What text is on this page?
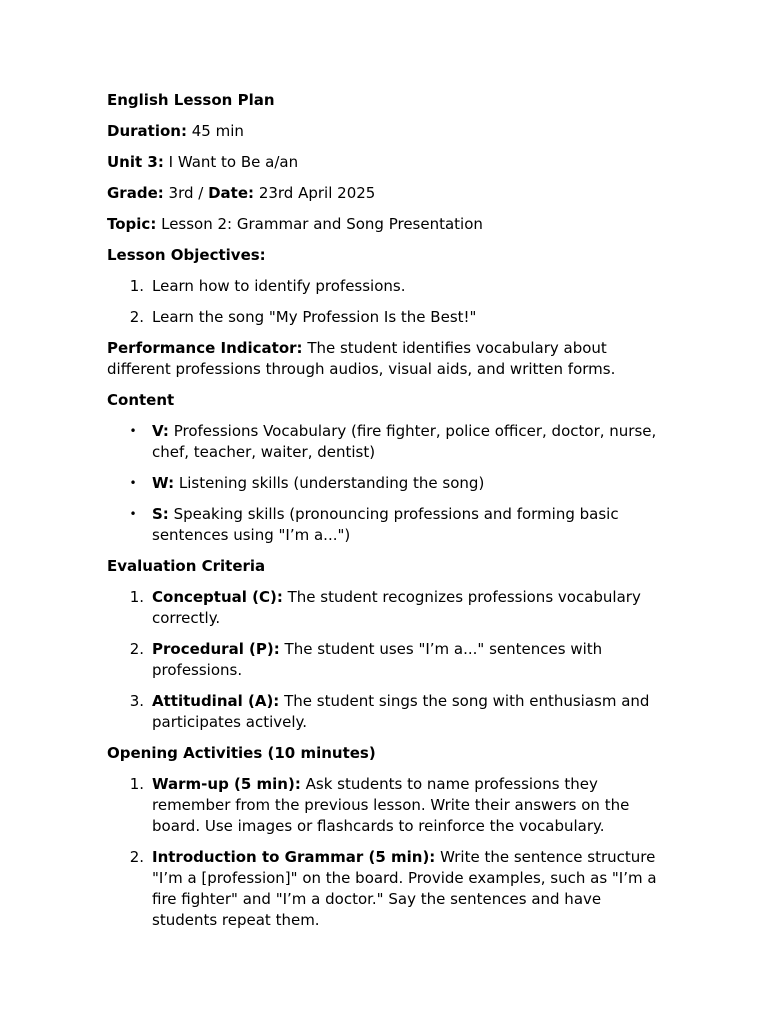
English Lesson Plan

Duration: 45 min

Unit 3: I Want to Be a/an

Grade: 3rd / Date: 23rd April 2025

Topic: Lesson 2: Grammar and Song Presentation

Lesson Objectives:

1. Learn how to identify professions.
2. Learn the song "My Profession Is the Best!"

Performance Indicator: The student identifies vocabulary about different professions through audios, visual aids, and written forms.

Content

• V: Professions Vocabulary (fire fighter, police officer, doctor, nurse, chef, teacher, waiter, dentist)
• W: Listening skills (understanding the song)
• S: Speaking skills (pronouncing professions and forming basic sentences using "I’m a...")

Evaluation Criteria

1. Conceptual (C): The student recognizes professions vocabulary correctly.
2. Procedural (P): The student uses "I’m a..." sentences with professions.
3. Attitudinal (A): The student sings the song with enthusiasm and participates actively.

Opening Activities (10 minutes)

1. Warm-up (5 min): Ask students to name professions they remember from the previous lesson. Write their answers on the board. Use images or flashcards to reinforce the vocabulary.
2. Introduction to Grammar (5 min): Write the sentence structure "I’m a [profession]" on the board. Provide examples, such as "I’m a fire fighter" and "I’m a doctor." Say the sentences and have students repeat them.
